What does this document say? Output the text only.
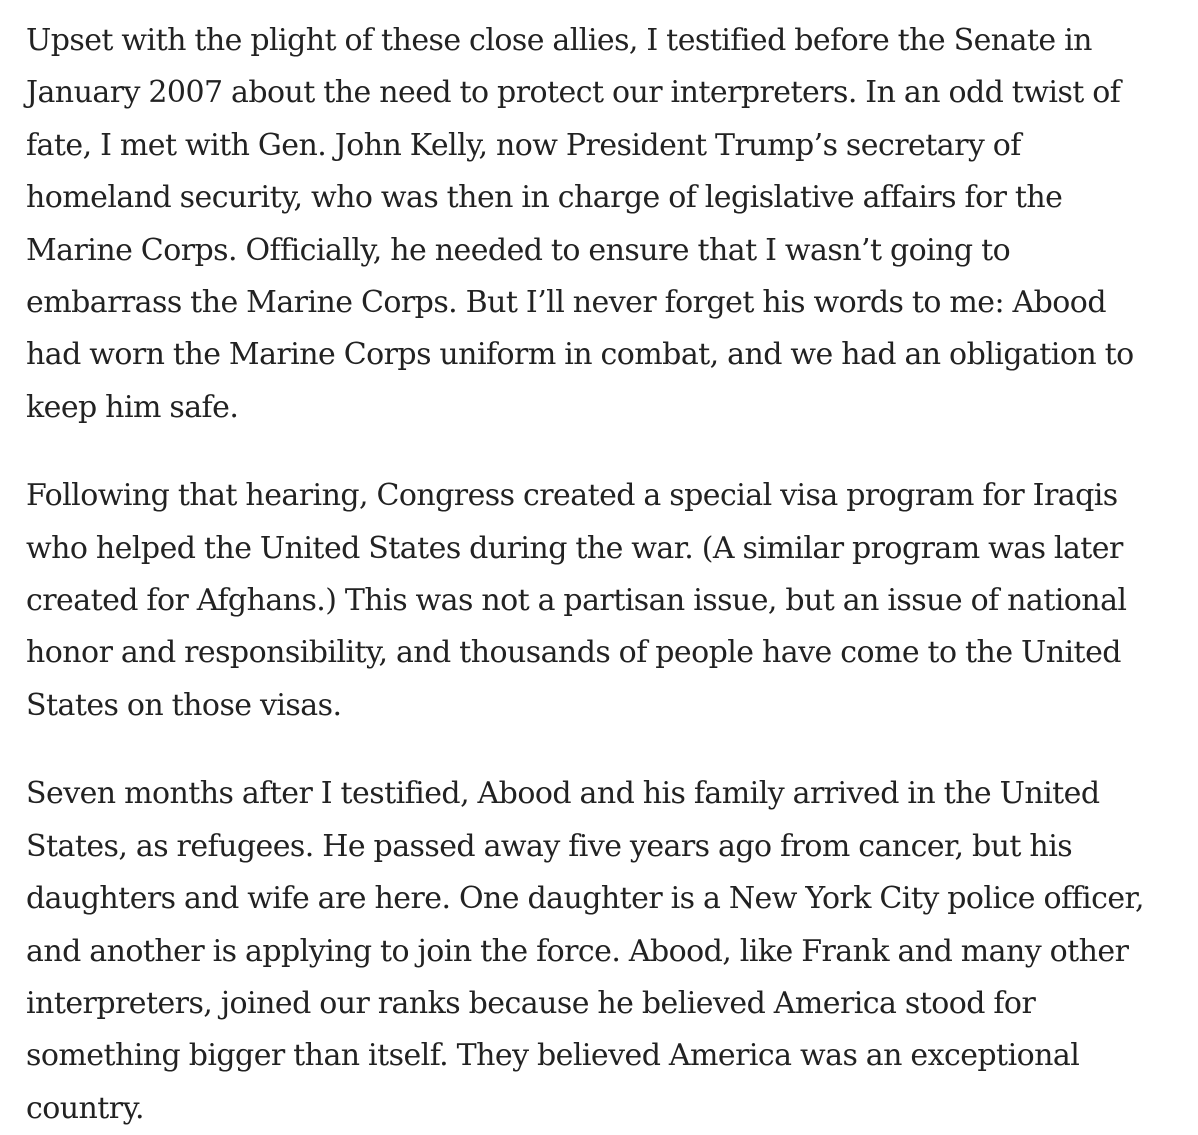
Upset with the plight of these close allies, I testified before the Senate in
January 2007 about the need to protect our interpreters. In an odd twist of
fate, I met with Gen. John Kelly, now President Trump’s secretary of
homeland security, who was then in charge of legislative affairs for the
Marine Corps. Officially, he needed to ensure that I wasn’t going to
embarrass the Marine Corps. But I’ll never forget his words to me: Abood
had worn the Marine Corps uniform in combat, and we had an obligation to
keep him safe.

Following that hearing, Congress created a special visa program for Iraqis
who helped the United States during the war. (A similar program was later
created for Afghans.) This was not a partisan issue, but an issue of national
honor and responsibility, and thousands of people have come to the United
States on those visas.

Seven months after I testified, Abood and his family arrived in the United
States, as refugees. He passed away five years ago from cancer, but his
daughters and wife are here. One daughter is a New York City police officer,
and another is applying to join the force. Abood, like Frank and many other
interpreters, joined our ranks because he believed America stood for
something bigger than itself. They believed America was an exceptional
country.
